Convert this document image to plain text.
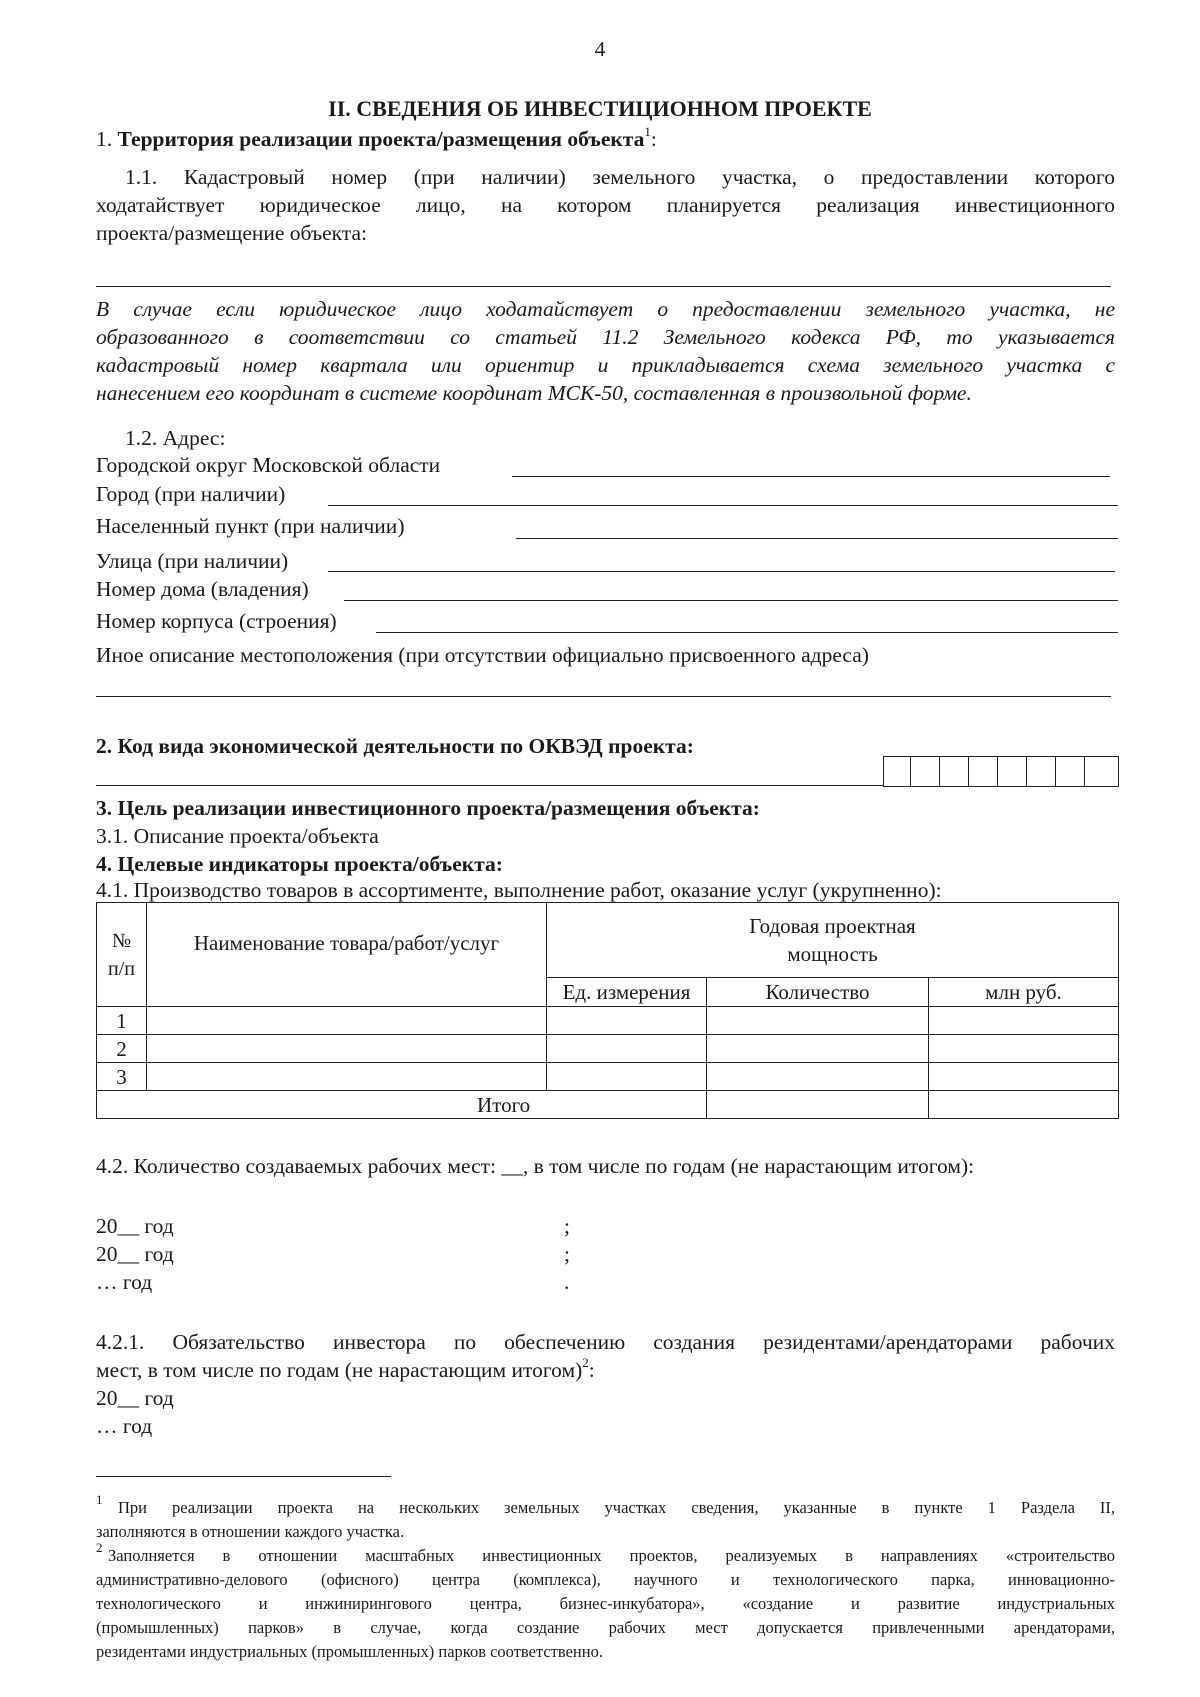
4
II. СВЕДЕНИЯ ОБ ИНВЕСТИЦИОННОМ ПРОЕКТЕ
1. Территория реализации проекта/размещения объекта$^1$:
1.1. Кадастровый номер (при наличии) земельного участка, о предоставлении которого
ходатайствует юридическое лицо, на котором планируется реализация инвестиционного
проекта/размещение объекта:
В случае если юридическое лицо ходатайствует о предоставлении земельного участка, не
образованного в соответствии со статьей 11.2 Земельного кодекса РФ, то указывается
кадастровый номер квартала или ориентир и прикладывается схема земельного участка с
нанесением его координат в системе координат МСК-50, составленная в произвольной форме.
1.2. Адрес:
Городской округ Московской области
Город (при наличии)
Населенный пункт (при наличии)
Улица (при наличии)
Номер дома (владения)
Номер корпуса (строения)
Иное описание местоположения (при отсутствии официально присвоенного адреса)
2. Код вида экономической деятельности по ОКВЭД проекта:
3. Цель реализации инвестиционного проекта/размещения объекта:
3.1. Описание проекта/объекта
4. Целевые индикаторы проекта/объекта:
4.1. Производство товаров в ассортименте, выполнение работ, оказание услуг (укрупненно):
№ п/п	Наименование товара/работ/услуг	Годовая проектная
мощность		

		Ед. измерения	Количество	млн руб.
1				
2				
3				
Итого				
4.2. Количество создаваемых рабочих мест: __, в том числе по годам (не нарастающим итогом):
20__ год	;
20__ год	;
… год	.
4.2.1. Обязательство инвестора по обеспечению создания резидентами/арендаторами рабочих
мест, в том числе по годам (не нарастающим итогом)$^2$:
20__ год
… год
$^1$ При реализации проекта на нескольких земельных участках сведения, указанные в пункте 1 Раздела II,
заполняются в отношении каждого участка.
$^2$ Заполняется в отношении масштабных инвестиционных проектов, реализуемых в направлениях «строительство
административно-делового (офисного) центра (комплекса), научного и технологического парка, инновационно-
технологического и инжинирингового центра, бизнес-инкубатора», «создание и развитие индустриальных
(промышленных) парков» в случае, когда создание рабочих мест допускается привлеченными арендаторами,
резидентами индустриальных (промышленных) парков соответственно.
